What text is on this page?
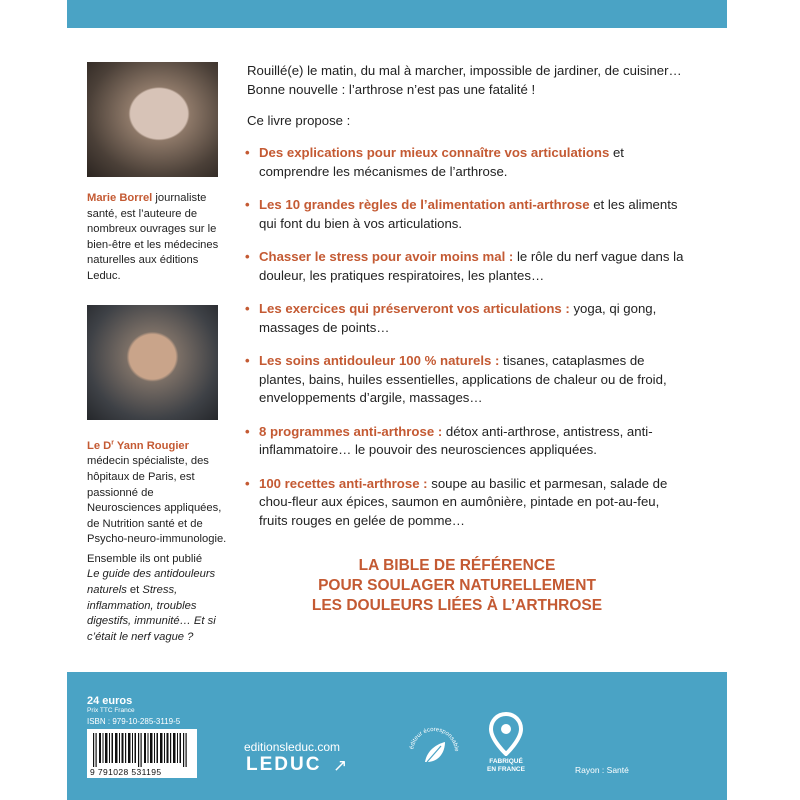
Marie Borrel journaliste santé, est l’auteure de nombreux ouvrages sur le bien-être et les médecines naturelles aux éditions Leduc.

Le $D^r$ Yann Rougier
médecin spécialiste, des hôpitaux de Paris, est passionné de Neurosciences appliquées, de Nutrition santé et de Psycho-neuro-immunologie.

Ensemble ils ont publié
Le guide des antidouleurs naturels et Stress, inflammation, troubles digestifs, immunité… Et si c’était le nerf vague ?

Rouillé(e) le matin, du mal à marcher, impossible de jardiner, de cuisiner… Bonne nouvelle : l’arthrose n’est pas une fatalité !
Ce livre propose :
• Des explications pour mieux connaître vos articulations et comprendre les mécanismes de l’arthrose.
• Les 10 grandes règles de l’alimentation anti-arthrose et les aliments qui font du bien à vos articulations.
• Chasser le stress pour avoir moins mal : le rôle du nerf vague dans la douleur, les pratiques respiratoires, les plantes…
• Les exercices qui préserveront vos articulations : yoga, qi gong, massages de points…
• Les soins antidouleur 100 % naturels : tisanes, cataplasmes de plantes, bains, huiles essentielles, applications de chaleur ou de froid, enveloppements d’argile, massages…
• 8 programmes anti-arthrose : détox anti-arthrose, antistress, anti-inflammatoire… le pouvoir des neurosciences appliquées.
• 100 recettes anti-arthrose : soupe au basilic et parmesan, salade de chou-fleur aux épices, saumon en aumônière, pintade en pot-au-feu, fruits rouges en gelée de pomme…
LA BIBLE DE RÉFÉRENCE
POUR SOULAGER NATURELLEMENT
LES DOULEURS LIÉES À L’ARTHROSE
24 euros
Prix TTC France
ISBN : 979-10-285-3119-5
9 791028 531195
editionsleduc.com
LEDUC ↗
éditeur écoresponsable
FABRIQUÉ
EN FRANCE	Rayon : Santé
